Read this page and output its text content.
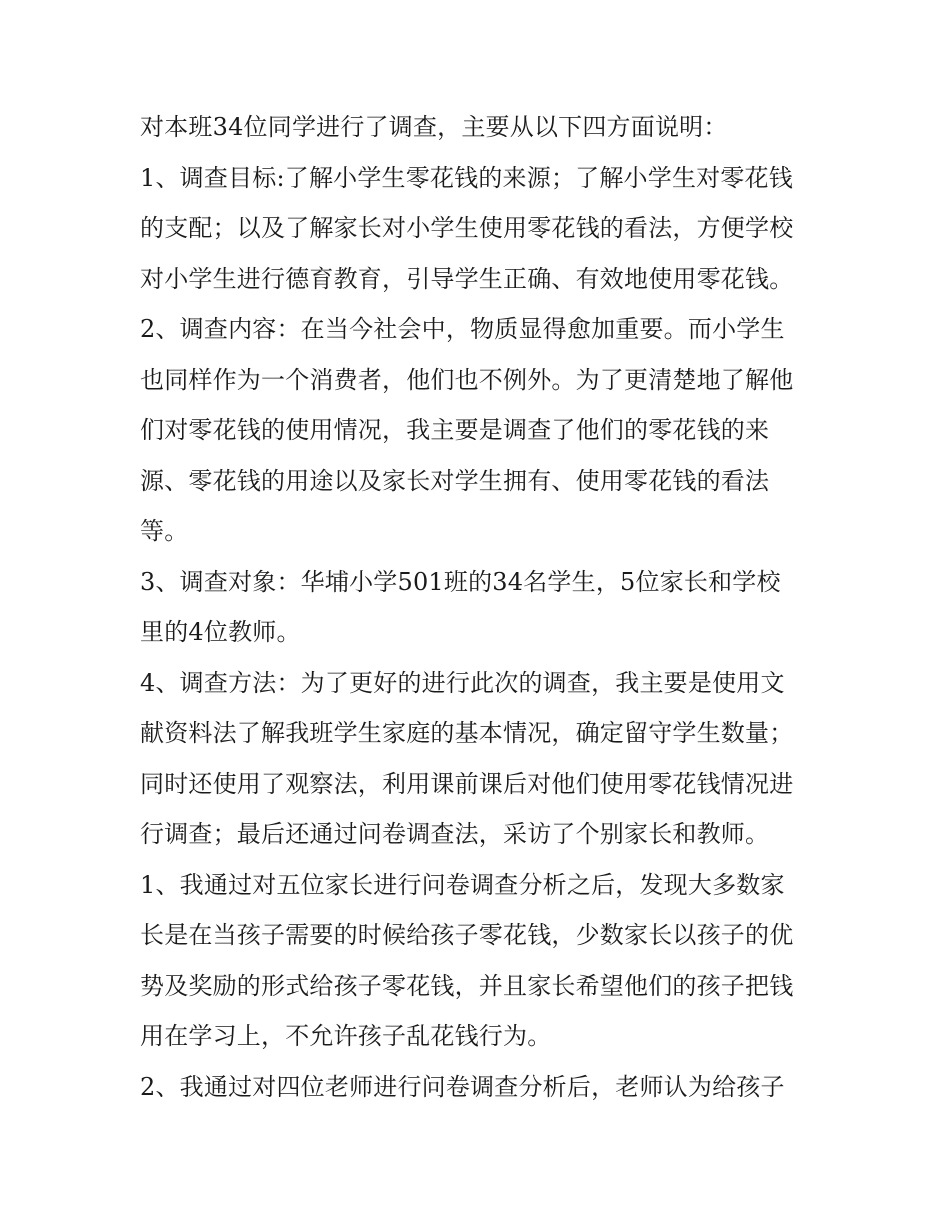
对本班34位同学进行了调查，主要从以下四方面说明：
1、调查目标:了解小学生零花钱的来源；了解小学生对零花钱
的支配；以及了解家长对小学生使用零花钱的看法，方便学校
对小学生进行德育教育，引导学生正确、有效地使用零花钱。
2、调查内容：在当今社会中，物质显得愈加重要。而小学生
也同样作为一个消费者，他们也不例外。为了更清楚地了解他
们对零花钱的使用情况，我主要是调查了他们的零花钱的来
源、零花钱的用途以及家长对学生拥有、使用零花钱的看法
等。
3、调查对象：华埔小学501班的34名学生，5位家长和学校
里的4位教师。
4、调查方法：为了更好的进行此次的调查，我主要是使用文
献资料法了解我班学生家庭的基本情况，确定留守学生数量；
同时还使用了观察法，利用课前课后对他们使用零花钱情况进
行调查；最后还通过问卷调查法，采访了个别家长和教师。
1、我通过对五位家长进行问卷调查分析之后，发现大多数家
长是在当孩子需要的时候给孩子零花钱，少数家长以孩子的优
势及奖励的形式给孩子零花钱，并且家长希望他们的孩子把钱
用在学习上，不允许孩子乱花钱行为。
2、我通过对四位老师进行问卷调查分析后，老师认为给孩子
